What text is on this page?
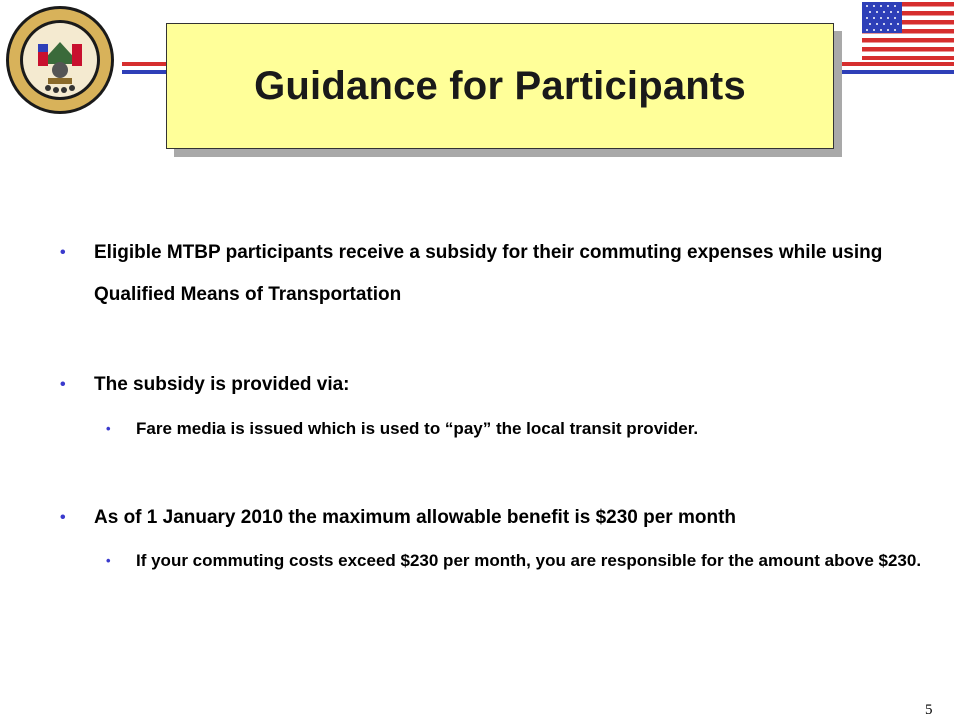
Guidance for Participants
• Eligible MTBP participants receive a subsidy for their commuting expenses while using Qualified Means of Transportation
• The subsidy is provided via:
• Fare media is issued which is used to “pay” the local transit provider.
• As of 1 January 2010 the maximum allowable benefit is $230 per month
• If your commuting costs exceed $230 per month, you are responsible for the amount above $230.
5
